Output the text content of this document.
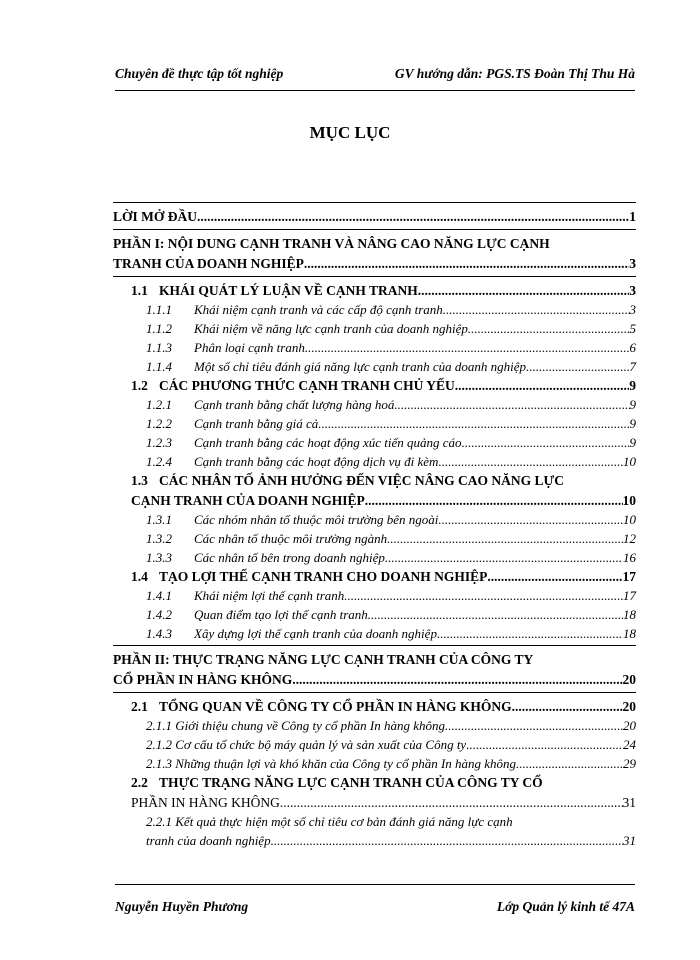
Chuyên đề thực tập tốt nghiệp	GV hướng dẫn: PGS.TS Đoàn Thị Thu Hà
MỤC LỤC
LỜI MỞ ĐẦU .....	1
PHẦN I: NỘI DUNG CẠNH TRANH VÀ NÂNG CAO NĂNG LỰC CẠNH
TRANH CỦA DOANH NGHIỆP .....	3
1.1 KHÁI QUÁT LÝ LUẬN VỀ CẠNH TRANH .....	3
1.1.1 Khái niệm cạnh tranh và các cấp độ cạnh tranh .....	3
1.1.2 Khái niệm về năng lực cạnh tranh của doanh nghiệp .....	5
1.1.3 Phân loại cạnh tranh .....	6
1.1.4 Một số chỉ tiêu đánh giá năng lực cạnh tranh của doanh nghiệp .....	7
1.2 CÁC PHƯƠNG THỨC CẠNH TRANH CHỦ YẾU .....	9
1.2.1 Cạnh tranh bằng chất lượng hàng hoá .....	9
1.2.2 Cạnh tranh bằng giá cả .....	9
1.2.3 Cạnh tranh bằng các hoạt động xúc tiến quảng cáo .....	9
1.2.4 Cạnh tranh bằng các hoạt động dịch vụ đi kèm .....	10
1.3 CÁC NHÂN TỐ ẢNH HƯỞNG ĐẾN VIỆC NÂNG CAO NĂNG LỰC
CẠNH TRANH CỦA DOANH NGHIỆP .....	10
1.3.1 Các nhóm nhân tố thuộc môi trường bên ngoài .....	10
1.3.2 Các nhân tố thuộc môi trường ngành .....	12
1.3.3 Các nhân tố bên trong doanh nghiệp .....	16
1.4 TẠO LỢI THẾ CẠNH TRANH CHO DOANH NGHIỆP .....	17
1.4.1 Khái niệm lợi thế cạnh tranh .....	17
1.4.2 Quan điểm tạo lợi thế cạnh tranh .....	18
1.4.3 Xây dựng lợi thế cạnh tranh của doanh nghiệp .....	18
PHẦN II: THỰC TRẠNG NĂNG LỰC CẠNH TRANH CỦA CÔNG TY
CỔ PHẦN IN HÀNG KHÔNG .....	20
2.1 TỔNG QUAN VỀ CÔNG TY CỔ PHẦN IN HÀNG KHÔNG .....	20
2.1.1 Giới thiệu chung về Công ty cổ phần In hàng không .....	20
2.1.2 Cơ cấu tổ chức bộ máy quản lý và sản xuất của Công ty .....	24
2.1.3 Những thuận lợi và khó khăn của Công ty cổ phần In hàng không .....	29
2.2 THỰC TRẠNG NĂNG LỰC CẠNH TRANH CỦA CÔNG TY CỔ
PHẦN IN HÀNG KHÔNG .....	31
2.2.1 Kết quả thực hiện một số chỉ tiêu cơ bản đánh giá năng lực cạnh
tranh của doanh nghiệp .....	31
Nguyễn Huyền Phương	Lớp Quản lý kinh tế 47A
